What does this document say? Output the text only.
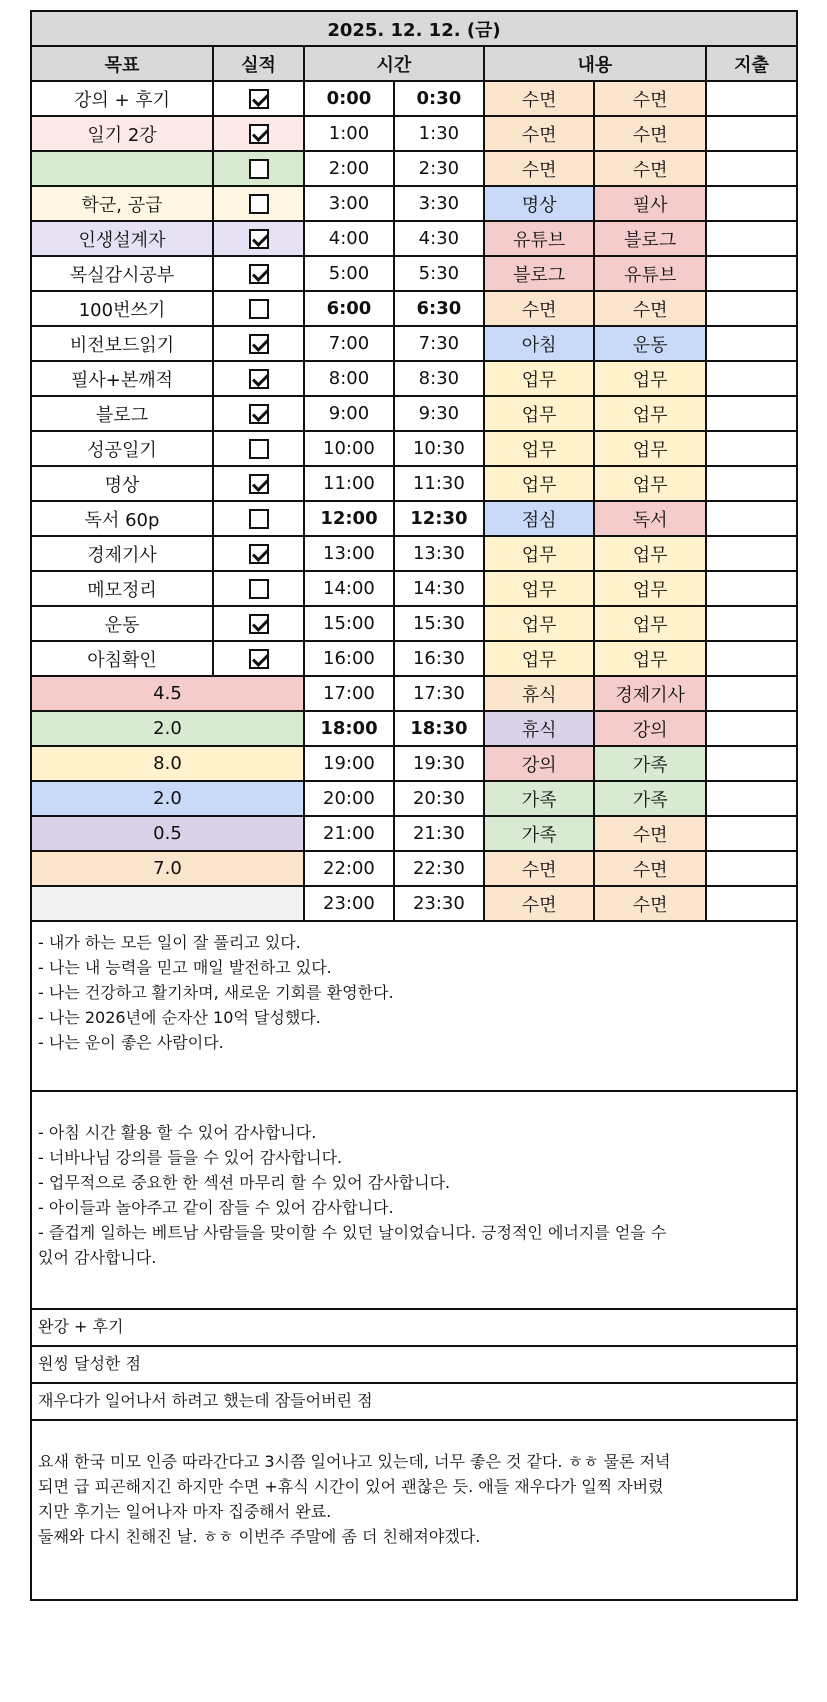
2025. 12. 12. (금)						
목표	실적	시간		내용		지출
강의 + 후기		0:00	0:30	수면	수면	
일기 2강		1:00	1:30	수면	수면	
		2:00	2:30	수면	수면	
학군, 공급		3:00	3:30	명상	필사	
인생설계자		4:00	4:30	유튜브	블로그	
목실감시공부		5:00	5:30	블로그	유튜브	
100번쓰기		6:00	6:30	수면	수면	
비전보드읽기		7:00	7:30	아침	운동	
필사+본깨적		8:00	8:30	업무	업무	
블로그		9:00	9:30	업무	업무	
성공일기		10:00	10:30	업무	업무	
명상		11:00	11:30	업무	업무	
독서 60p		12:00	12:30	점심	독서	
경제기사		13:00	13:30	업무	업무	
메모정리		14:00	14:30	업무	업무	
운동		15:00	15:30	업무	업무	
아침확인		16:00	16:30	업무	업무	
4.5		17:00	17:30	휴식	경제기사	
2.0		18:00	18:30	휴식	강의	
8.0		19:00	19:30	강의	가족	
2.0		20:00	20:30	가족	가족	
0.5		21:00	21:30	가족	수면	
7.0		22:00	22:30	수면	수면	
		23:00	23:30	수면	수면	

- 내가 하는 모든 일이 잘 풀리고 있다.

- 나는 내 능력을 믿고 매일 발전하고 있다.

- 나는 건강하고 활기차며, 새로운 기회를 환영한다.

- 나는 2026년에 순자산 10억 달성했다.

- 나는 운이 좋은 사람이다.

- 아침 시간 활용 할 수 있어 감사합니다.

- 너바나님 강의를 들을 수 있어 감사합니다.

- 업무적으로 중요한 한 섹션 마무리 할 수 있어 감사합니다.

- 아이들과 놀아주고 같이 잠들 수 있어 감사합니다.

- 즐겁게 일하는 베트남 사람들을 맞이할 수 있던 날이었습니다. 긍정적인 에너지를 얻을 수

있어 감사합니다.

완강 + 후기
원씽 달성한 점
재우다가 일어나서 하려고 했는데 잠들어버린 점

요새 한국 미모 인증 따라간다고 3시쯤 일어나고 있는데, 너무 좋은 것 같다. ㅎㅎ 물론 저녁

되면 급 피곤해지긴 하지만 수면 +휴식 시간이 있어 괜찮은 듯. 애들 재우다가 일찍 자버렸

지만 후기는 일어나자 마자 집중해서 완료.

둘째와 다시 친해진 날. ㅎㅎ 이번주 주말에 좀 더 친해져야겠다.
